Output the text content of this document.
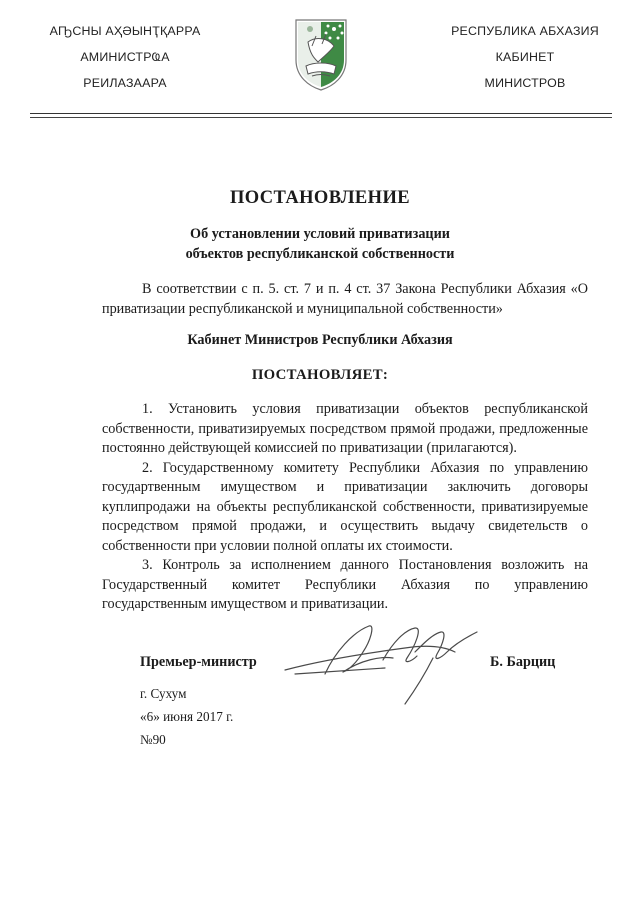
АҦСНЫ АҲӘЫНҬҚАРРА
АМИНИСТРҨА
РЕИЛАЗААРА
РЕСПУБЛИКА АБХАЗИЯ
КАБИНЕТ
МИНИСТРОВ
ПОСТАНОВЛЕНИЕ
Об установлении условий приватизации
объектов республиканской собственности

В соответствии с п. 5. ст. 7 и п. 4 ст. 37 Закона Республики Абхазия «О приватизации республиканской и муниципальной собственности»

Кабинет Министров Республики Абхазия
ПОСТАНОВЛЯЕТ:

1. Установить условия приватизации объектов республиканской собственности, приватизируемых посредством прямой продажи, предложенные постоянно действующей комиссией по приватизации (прилагаются).

2. Государственному комитету Республики Абхазия по управлению государтвенным имуществом и приватизации заключить договоры куплипродажи на объекты республиканской собственности, приватизируемые посредством прямой продажи, и осуществить выдачу свидетельств о собственности при условии полной оплаты их стоимости.

3. Контроль за исполнением данного Постановления возложить на Государственный комитет Республики Абхазия по управлению государственным имуществом и приватизации.

Премьер-министр	Б. Барциц
г. Сухум
«6» июня 2017 г.
№90
